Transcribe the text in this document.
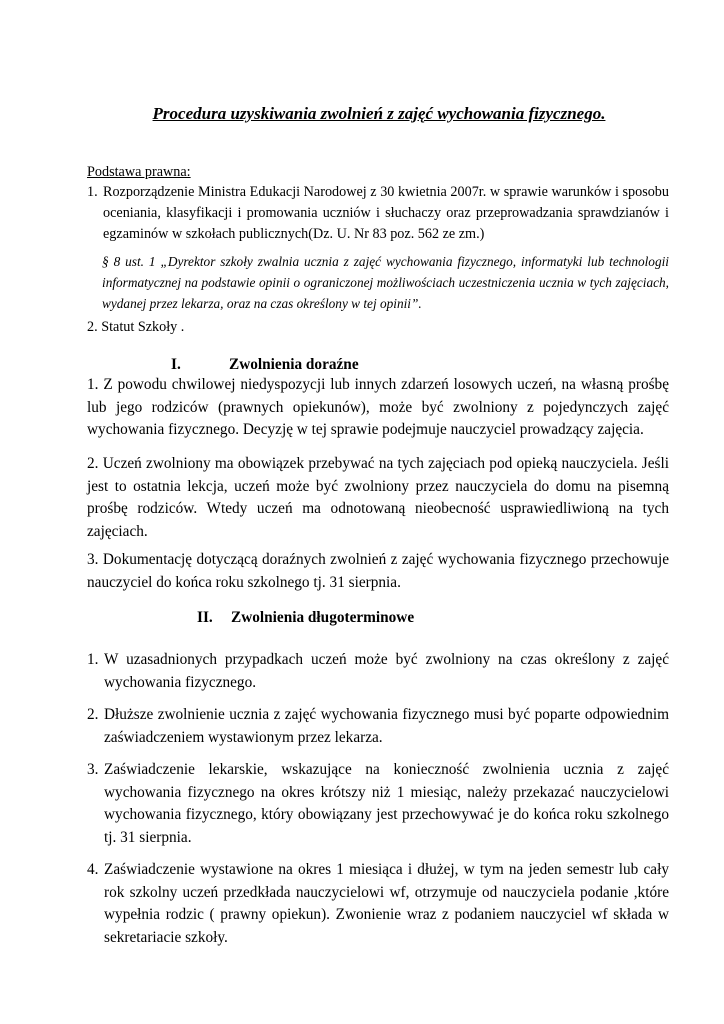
Procedura uzyskiwania zwolnień z zajęć wychowania fizycznego.
Podstawa prawna:
1. Rozporządzenie Ministra Edukacji Narodowej z 30 kwietnia 2007r. w sprawie warunków i sposobu oceniania, klasyfikacji i promowania uczniów i słuchaczy oraz przeprowadzania sprawdzianów i egzaminów w szkołach publicznych(Dz. U. Nr 83 poz. 562 ze zm.)
§ 8 ust. 1 „Dyrektor szkoły zwalnia ucznia z zajęć wychowania fizycznego, informatyki lub technologii informatycznej na podstawie opinii o ograniczonej możliwościach uczestniczenia ucznia w tych zajęciach, wydanej przez lekarza, oraz na czas określony w tej opinii”.
2. Statut Szkoły .
I.	Zwolnienia doraźne

1. Z powodu chwilowej niedyspozycji lub innych zdarzeń losowych uczeń, na własną prośbę lub jego rodziców (prawnych opiekunów), może być zwolniony z pojedynczych zajęć wychowania fizycznego. Decyzję w tej sprawie podejmuje nauczyciel prowadzący zajęcia.

2. Uczeń zwolniony ma obowiązek przebywać na tych zajęciach pod opieką nauczyciela. Jeśli jest to ostatnia lekcja, uczeń może być zwolniony przez nauczyciela do domu na pisemną prośbę rodziców. Wtedy uczeń ma odnotowaną nieobecność usprawiedliwioną na tych zajęciach.

3. Dokumentację dotyczącą doraźnych zwolnień z zajęć wychowania fizycznego przechowuje nauczyciel do końca roku szkolnego tj. 31 sierpnia.

II. Zwolnienia długoterminowe
1. W uzasadnionych przypadkach uczeń może być zwolniony na czas określony z zajęć wychowania fizycznego.
2. Dłuższe zwolnienie ucznia z zajęć wychowania fizycznego musi być poparte odpowiednim zaświadczeniem wystawionym przez lekarza.
3. Zaświadczenie lekarskie, wskazujące na konieczność zwolnienia ucznia z zajęć wychowania fizycznego na okres krótszy niż 1 miesiąc, należy przekazać nauczycielowi wychowania fizycznego, który obowiązany jest przechowywać je do końca roku szkolnego tj. 31 sierpnia.
4. Zaświadczenie wystawione na okres 1 miesiąca i dłużej, w tym na jeden semestr lub cały rok szkolny uczeń przedkłada nauczycielowi wf, otrzymuje od nauczyciela podanie ,które wypełnia rodzic ( prawny opiekun). Zwonienie wraz z podaniem nauczyciel wf składa w sekretariacie szkoły.
